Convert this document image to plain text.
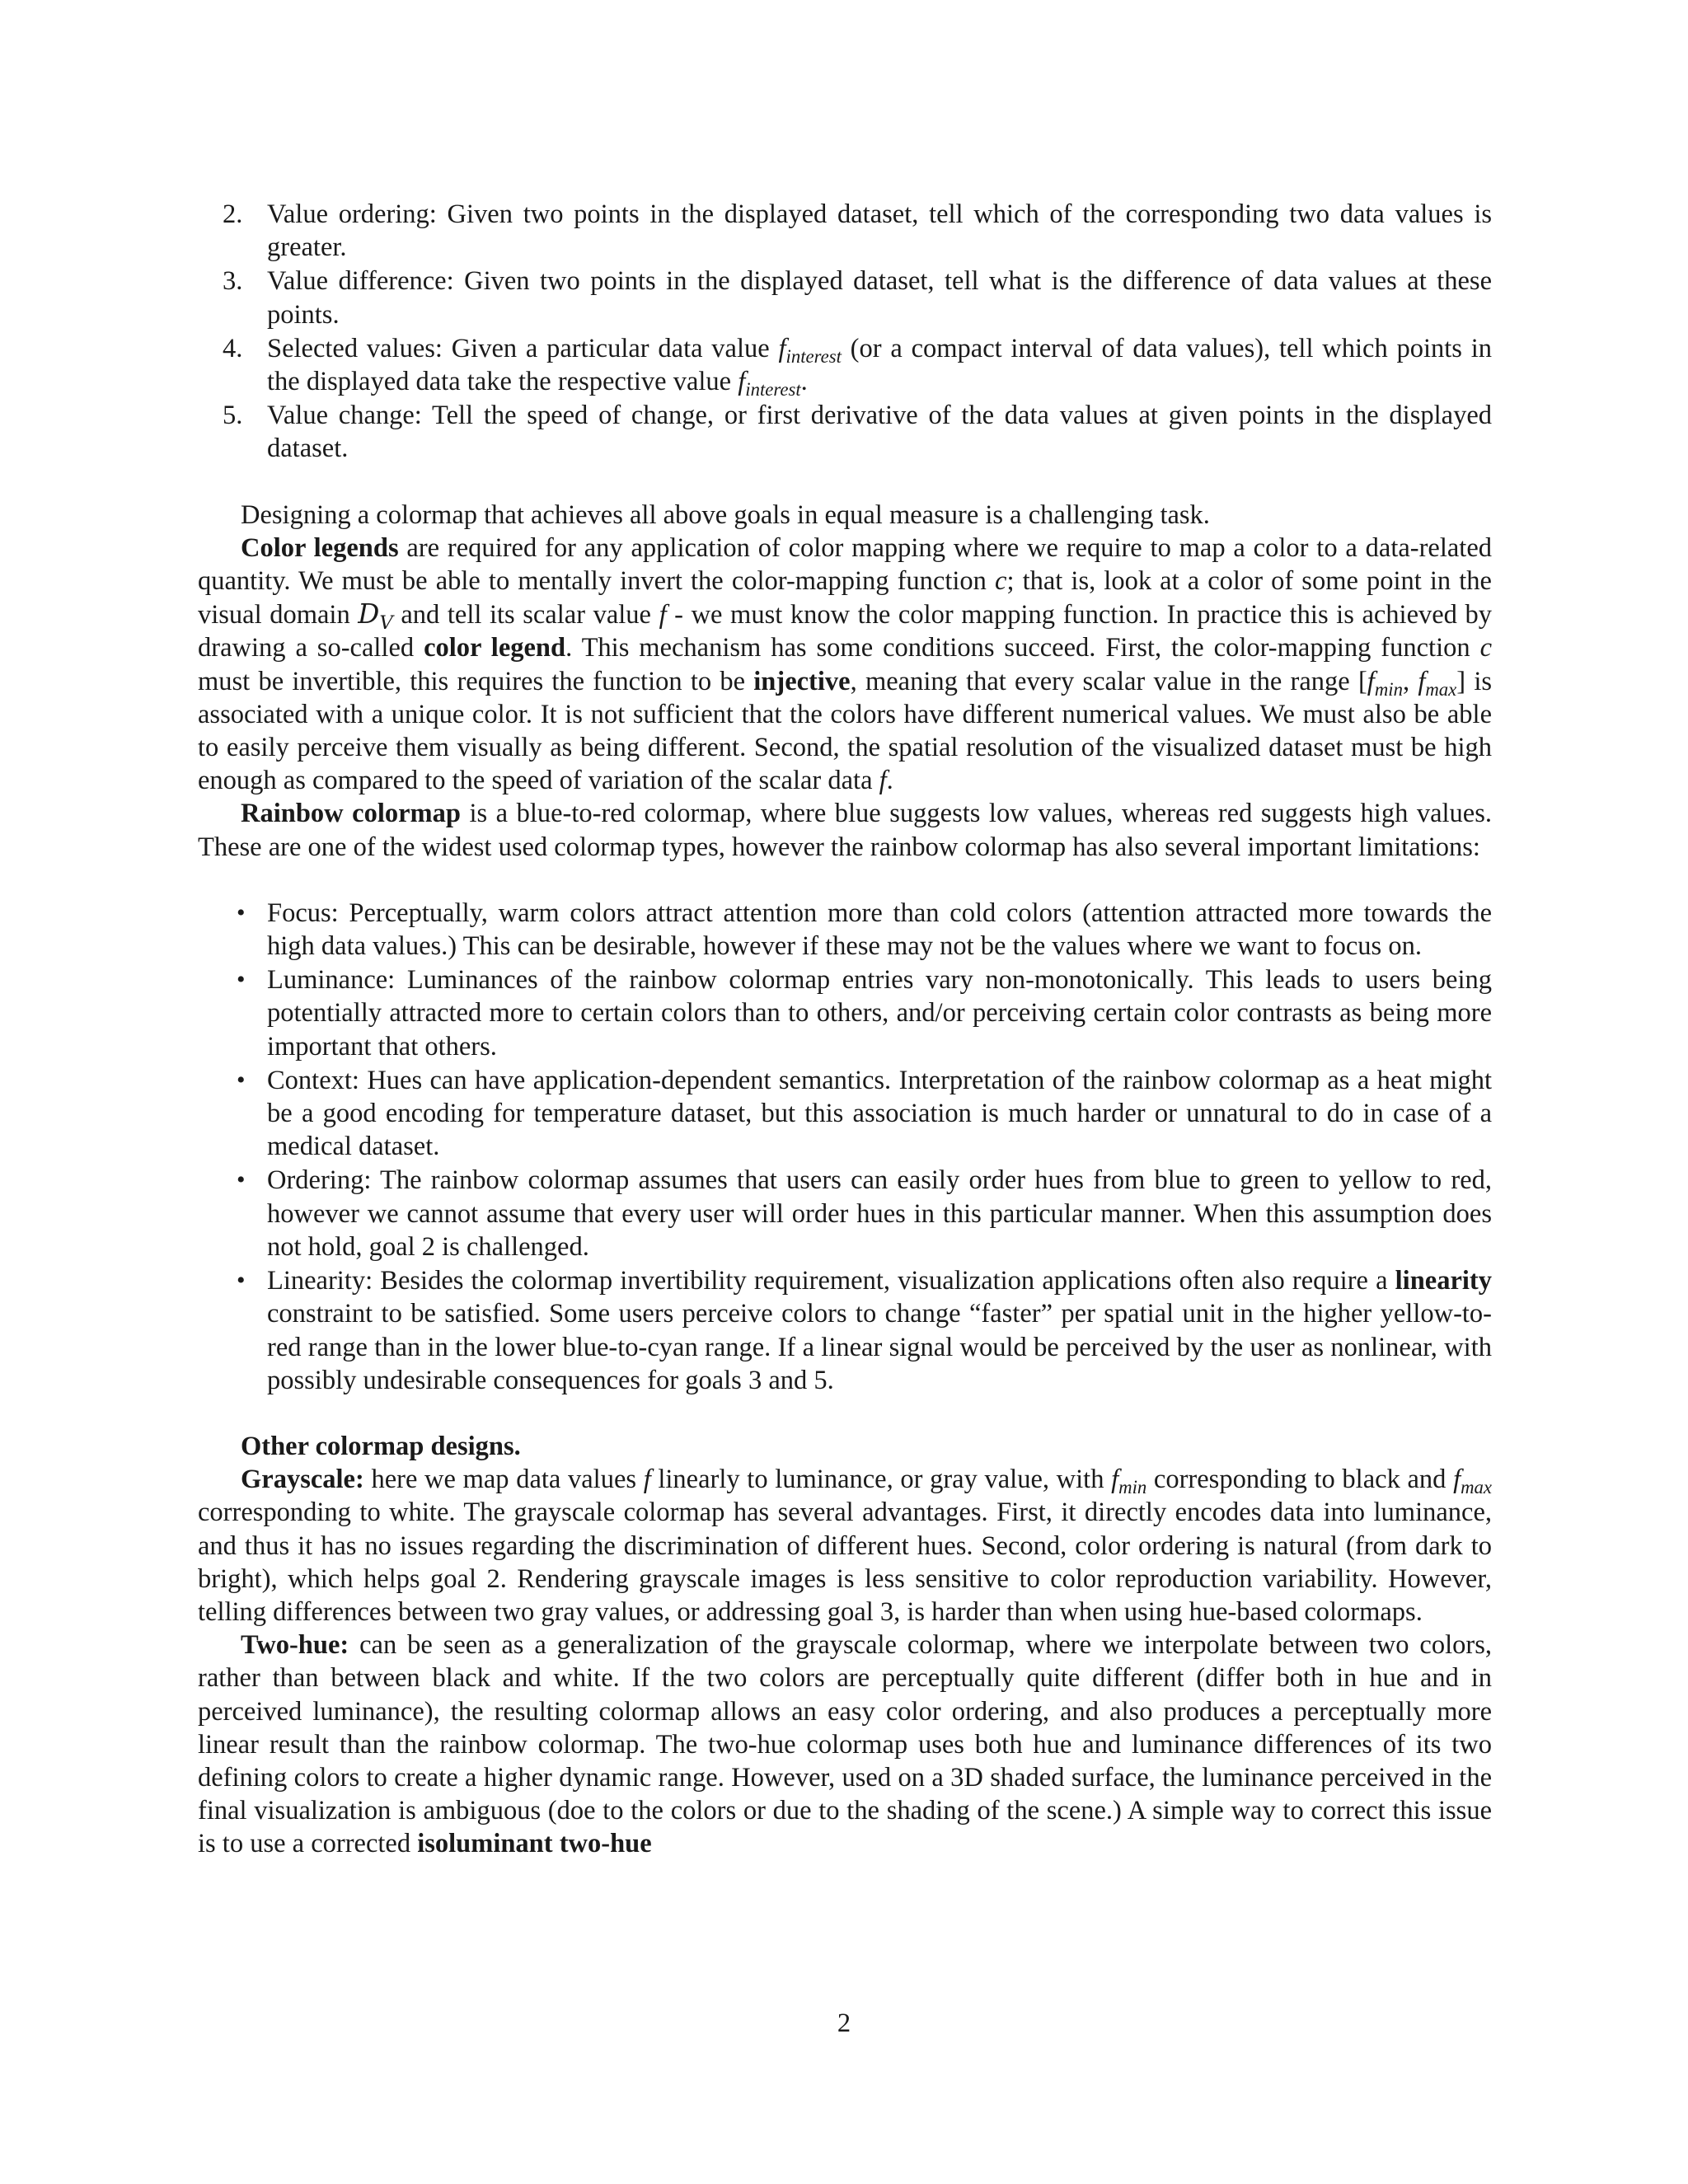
2. Value ordering: Given two points in the displayed dataset, tell which of the corresponding two data values is greater.
3. Value difference: Given two points in the displayed dataset, tell what is the difference of data values at these points.
4. Selected values: Given a particular data value $f_{interest}$ (or a compact interval of data values), tell which points in the displayed data take the respective value $f_{interest}$.
5. Value change: Tell the speed of change, or first derivative of the data values at given points in the displayed dataset.

Designing a colormap that achieves all above goals in equal measure is a challenging task.

Color legends are required for any application of color mapping where we require to map a color to a data-related quantity. We must be able to mentally invert the color-mapping function c; that is, look at a color of some point in the visual domain $D_V$ and tell its scalar value f - we must know the color mapping function. In practice this is achieved by drawing a so-called color legend. This mechanism has some conditions succeed. First, the color-mapping function c must be invertible, this requires the function to be injective, meaning that every scalar value in the range [$f_{min}$, $f_{max}$] is associated with a unique color. It is not sufficient that the colors have different numerical values. We must also be able to easily perceive them visually as being different. Second, the spatial resolution of the visualized dataset must be high enough as compared to the speed of variation of the scalar data f.

Rainbow colormap is a blue-to-red colormap, where blue suggests low values, whereas red suggests high values. These are one of the widest used colormap types, however the rainbow colormap has also several important limitations:

• Focus: Perceptually, warm colors attract attention more than cold colors (attention attracted more towards the high data values.) This can be desirable, however if these may not be the values where we want to focus on.
• Luminance: Luminances of the rainbow colormap entries vary non-monotonically. This leads to users being potentially attracted more to certain colors than to others, and/or perceiving certain color contrasts as being more important that others.
• Context: Hues can have application-dependent semantics. Interpretation of the rainbow colormap as a heat might be a good encoding for temperature dataset, but this association is much harder or unnatural to do in case of a medical dataset.
• Ordering: The rainbow colormap assumes that users can easily order hues from blue to green to yellow to red, however we cannot assume that every user will order hues in this particular manner. When this assumption does not hold, goal 2 is challenged.
• Linearity: Besides the colormap invertibility requirement, visualization applications often also require a linearity constraint to be satisfied. Some users perceive colors to change “faster” per spatial unit in the higher yellow-to-red range than in the lower blue-to-cyan range. If a linear signal would be perceived by the user as nonlinear, with possibly undesirable consequences for goals 3 and 5.

Other colormap designs.

Grayscale: here we map data values f linearly to luminance, or gray value, with $f_{min}$ corresponding to black and $f_{max}$ corresponding to white. The grayscale colormap has several advantages. First, it directly encodes data into luminance, and thus it has no issues regarding the discrimination of different hues. Second, color ordering is natural (from dark to bright), which helps goal 2. Rendering grayscale images is less sensitive to color reproduction variability. However, telling differences between two gray values, or addressing goal 3, is harder than when using hue-based colormaps.

Two-hue: can be seen as a generalization of the grayscale colormap, where we interpolate between two colors, rather than between black and white. If the two colors are perceptually quite different (differ both in hue and in perceived luminance), the resulting colormap allows an easy color ordering, and also produces a perceptually more linear result than the rainbow colormap. The two-hue colormap uses both hue and luminance differences of its two defining colors to create a higher dynamic range. However, used on a 3D shaded surface, the luminance perceived in the final visualization is ambiguous (doe to the colors or due to the shading of the scene.) A simple way to correct this issue is to use a corrected isoluminant two-hue

2
